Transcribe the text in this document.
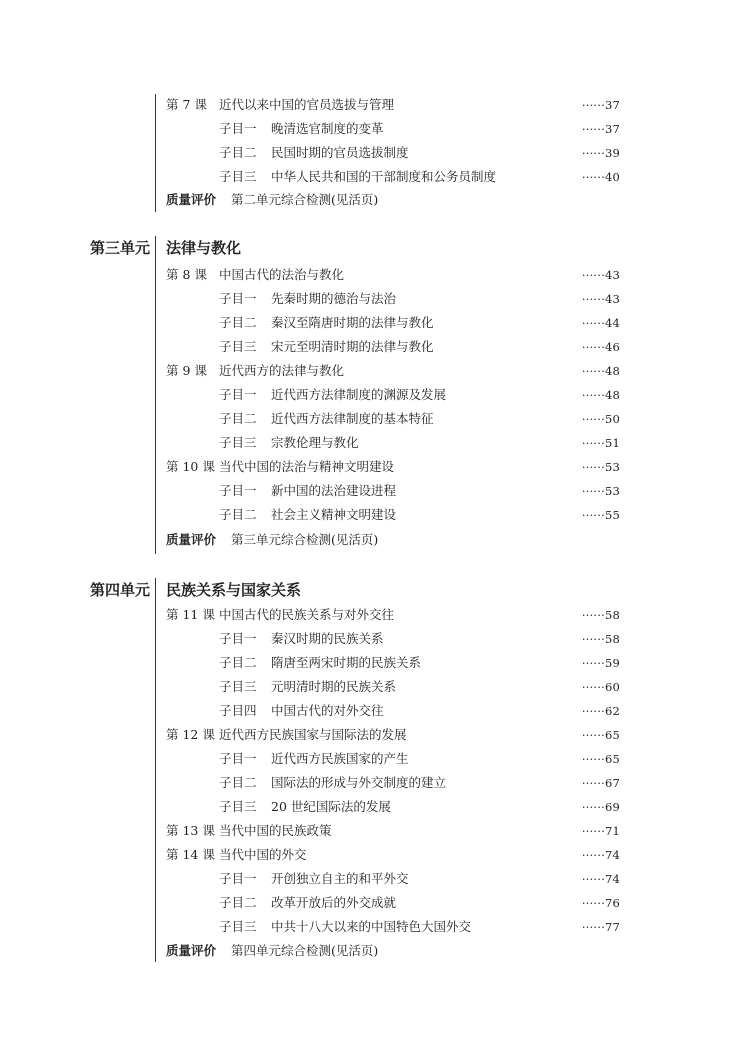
第 7 课 近代以来中国的官员选拔与管理	······37
子目一 晚清选官制度的变革	······37
子目二 民国时期的官员选拔制度	······39
子目三 中华人民共和国的干部制度和公务员制度	······40
质量评价 第二单元综合检测(见活页)
第三单元 法律与教化
第 8 课 中国古代的法治与教化	······43
子目一 先秦时期的德治与法治	······43
子目二 秦汉至隋唐时期的法律与教化	······44
子目三 宋元至明清时期的法律与教化	······46
第 9 课 近代西方的法律与教化	······48
子目一 近代西方法律制度的渊源及发展	······48
子目二 近代西方法律制度的基本特征	······50
子目三 宗教伦理与教化	······51
第 10 课 当代中国的法治与精神文明建设	······53
子目一 新中国的法治建设进程	······53
子目二 社会主义精神文明建设	······55
质量评价 第三单元综合检测(见活页)
第四单元 民族关系与国家关系
第 11 课 中国古代的民族关系与对外交往	······58
子目一 秦汉时期的民族关系	······58
子目二 隋唐至两宋时期的民族关系	······59
子目三 元明清时期的民族关系	······60
子目四 中国古代的对外交往	······62
第 12 课 近代西方民族国家与国际法的发展	······65
子目一 近代西方民族国家的产生	······65
子目二 国际法的形成与外交制度的建立	······67
子目三 20 世纪国际法的发展	······69
第 13 课 当代中国的民族政策	······71
第 14 课 当代中国的外交	······74
子目一 开创独立自主的和平外交	······74
子目二 改革开放后的外交成就	······76
子目三 中共十八大以来的中国特色大国外交	······77
质量评价 第四单元综合检测(见活页)
